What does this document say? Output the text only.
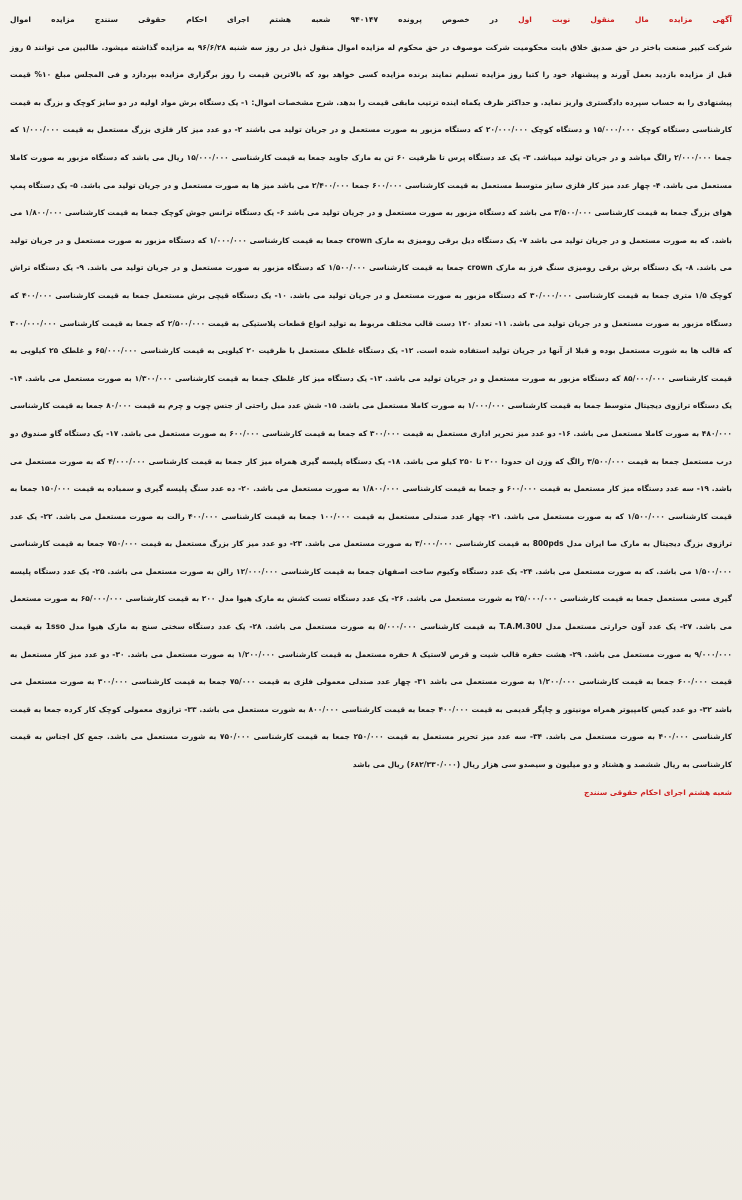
آگهی مزایده مال منقول نوبت اول در خصوص پرونده ۹۴۰۱۴۷ شعبه هشتم اجرای احکام حقوقی سنندج مزایده اموال

شرکت کبیر صنعت باختر در حق صدیق خلاق بابت محکومیت شرکت موصوف در حق محکوم له مزایده اموال منقول ذیل در روز سه شنبه ۹۶/۶/۲۸ به مزایده گذاشته میشود. طالبین می توانند ۵ روز قبل از مزایده بازدید بعمل آورند و پیشنهاد خود را کتبا روز مزایده تسلیم نمایند برنده مزایده کسی خواهد بود که بالاترین قیمت را روز برگزاری مزایده بپردازد و فی المجلس مبلغ ۱۰% قیمت پیشنهادی را به حساب سپرده دادگستری واریز نماید. و حداکثر ظرف یکماه اینده ترتیب مابقی قیمت را بدهد. شرح مشخصات اموال: ۱- یک دستگاه برش مواد اولیه در دو سایز کوچک و بزرگ به قیمت کارشناسی دستگاه کوچک ۱۵/۰۰۰/۰۰۰ و دستگاه کوچک ۲۰/۰۰۰/۰۰۰ که دستگاه مزبور به صورت مستعمل و در جریان تولید می باشند ۲- دو عدد میز کار فلزی بزرگ مستعمل به قیمت ۱/۰۰۰/۰۰۰ که جمعا ۲/۰۰۰/۰۰۰ رالگ میاشد و در جریان تولید میباشد. ۳- یک عد دستگاه پرس تا ظرفیت ۶۰ تن به مارک جاوید جمعا به قیمت کارشناسی ۱۵/۰۰۰/۰۰۰ ریال می باشد که دستگاه مزبور به صورت کاملا مستعمل می باشد. ۴- چهار عدد میز کار فلزی سایز متوسط مستعمل به قیمت کارشناسی ۶۰۰/۰۰۰ جمعا ۲/۴۰۰/۰۰۰ می باشد میز ها به صورت مستعمل و در جریان تولید می باشد. ۵- یک دستگاه پمپ هوای بزرگ جمعا به قیمت کارشناسی ۳/۵۰۰/۰۰۰ می باشد که دستگاه مزبور به صورت مستعمل و در جریان تولید می باشد ۶- یک دستگاه ترانس جوش کوچک جمعا به قیمت کارشناسی ۱/۸۰۰/۰۰۰ می باشد. که به صورت مستعمل و در جریان تولید می باشد ۷- یک دستگاه دیل برقی رومیزی به مارک crown جمعا به قیمت کارشناسی ۱/۰۰۰/۰۰۰ که دستگاه مزبور به صورت مستعمل و در جریان تولید می باشد. ۸- یک دستگاه برش برقی رومیزی سنگ فرز به مارک crown جمعا به قیمت کارشناسی ۱/۵۰۰/۰۰۰ که دستگاه مزبور به صورت مستعمل و در جریان تولید می باشد. ۹- یک دستگاه تراش کوچک ۱/۵ متری جمعا به قیمت کارشناسی ۳۰/۰۰۰/۰۰۰ که دستگاه مزبور به صورت مستعمل و در جریان تولید می باشد. ۱۰- یک دستگاه قیچی برش مستعمل جمعا به قیمت کارشناسی ۴۰۰/۰۰۰ که دستگاه مزبور به صورت مستعمل و در جریان تولید می باشد. ۱۱- تعداد ۱۲۰ دست قالب مختلف مربوط به تولید انواع قطعات پلاستیکی به قیمت ۲/۵۰۰/۰۰۰ که جمعا به قیمت کارشناسی ۳۰۰/۰۰۰/۰۰۰ که قالب ها به شورت مستعمل بوده و قبلا از آنها در جریان تولید استفاده شده است. ۱۲- یک دستگاه غلطک مستعمل با ظرفیت ۲۰ کیلویی به قیمت کارشناسی ۶۵/۰۰۰/۰۰۰ و غلطک ۲۵ کیلویی به قیمت کارشناسی ۸۵/۰۰۰/۰۰۰ که دستگاه مزبور به صورت مستعمل و در جریان تولید می باشد. ۱۳- یک دستگاه میز کار غلطک جمعا به قیمت کارشناسی ۱/۳۰۰/۰۰۰ به صورت مستعمل می باشد. ۱۴- یک دستگاه ترازوی دیجیتال متوسط جمعا به قیمت کارشناسی ۱/۰۰۰/۰۰۰ به صورت کاملا مستعمل می باشد. ۱۵- شش عدد مبل راحتی از جنس چوب و چرم به قیمت ۸۰/۰۰۰ جمعا به قیمت کارشناسی ۴۸۰/۰۰۰ به صورت کاملا مستعمل می باشد. ۱۶- دو عدد میز تحریر اداری مستعمل به قیمت ۳۰۰/۰۰۰ که جمعا به قیمت کارشناسی ۶۰۰/۰۰۰ به صورت مستعمل می باشد. ۱۷- یک دستگاه گاو صندوق دو درب مستعمل جمعا به قیمت ۳/۵۰۰/۰۰۰ رالگ که وزن ان حدودا ۲۰۰ تا ۲۵۰ کیلو می باشد. ۱۸- یک دستگاه پلیسه گیری همراه میز کار جمعا به قیمت کارشناسی ۴/۰۰۰/۰۰۰ که به صورت مستعمل می باشد. ۱۹- سه عدد دستگاه میز کار مستعمل به قیمت ۶۰۰/۰۰۰ و جمعا به قیمت کارشناسی ۱/۸۰۰/۰۰۰ به صورت مستعمل می باشد. ۲۰- ده عدد سنگ پلیسه گیری و سمباده به قیمت ۱۵۰/۰۰۰ جمعا به قیمت کارشناسی ۱/۵۰۰/۰۰۰ که به صورت مستعمل می باشد. ۲۱- چهار عدد صندلی مستعمل به قیمت ۱۰۰/۰۰۰ جمعا به قیمت کارشناسی ۴۰۰/۰۰۰ رالت به صورت مستعمل می باشد. ۲۲- یک عدد ترازوی بزرگ دیجیتال به مارک صا ایران مدل 800pds به قیمت کارشناسی ۳/۰۰۰/۰۰۰ به صورت مستعمل می باشد. ۲۳- دو عدد میز کار بزرگ مستعمل به قیمت ۷۵۰/۰۰۰ جمعا به قیمت کارشناسی ۱/۵۰۰/۰۰۰ می باشد. که به صورت مستعمل می باشد. ۲۴- یک عدد دستگاه وکیوم ساخت اصفهان جمعا به قیمت کارشناسی ۱۲/۰۰۰/۰۰۰ رالن به صورت مستعمل می باشد. ۲۵- یک عدد دستگاه پلیسه گیری مسی مستعمل جمعا به قیمت کارشناسی ۲۵/۰۰۰/۰۰۰ به شورت مستعمل می باشد. ۲۶- یک عدد دستگاه تست کشش به مارک هیوا مدل ۲۰۰ به قیمت کارشناسی ۶۵/۰۰۰/۰۰۰ به صورت مستعمل می باشد. ۲۷- یک عدد آون حرارتی مستعمل مدل T.A.M.30U به قیمت کارشناسی ۵/۰۰۰/۰۰۰ به صورت مستعمل می باشد. ۲۸- یک عدد دستگاه سختی سنج به مارک هیوا مدل 1sso به قیمت ۹/۰۰۰/۰۰۰ به صورت مستعمل می باشد. ۲۹- هشت حفره قالب شیت و قرص لاستیک ۸ حفره مستعمل به قیمت کارشناسی ۱/۲۰۰/۰۰۰ به صورت مستعمل می باشد. ۳۰- دو عدد میز کار مستعمل به قیمت ۶۰۰/۰۰۰ جمعا به قیمت کارشناسی ۱/۲۰۰/۰۰۰ به صورت مستعمل می باشد ۳۱- چهار عدد صندلی معمولی فلزی به قیمت ۷۵/۰۰۰ جمعا به قیمت کارشناسی ۳۰۰/۰۰۰ به صورت مستعمل می باشد ۳۲- دو عدد کیس کامپیوتر همراه مونیتور و چاپگر قدیمی به قیمت ۴۰۰/۰۰۰ جمعا به قیمت کارشناسی ۸۰۰/۰۰۰ به شورت مستعمل می باشد. ۳۳- ترازوی معمولی کوچک کار کرده جمعا به قیمت کارشناسی ۴۰۰/۰۰۰ به صورت مستعمل می باشد. ۳۴- سه عدد میز تحریر مستعمل به قیمت ۲۵۰/۰۰۰ جمعا به قیمت کارشناسی ۷۵۰/۰۰۰ به شورت مستعمل می باشد. جمع کل اجناس به قیمت کارشناسی به ریال ششصد و هشتاد و دو میلیون و سیصدو سی هزار ریال (۶۸۲/۳۳۰/۰۰۰) ریال می باشد

شعبه هشتم اجرای احکام حقوقی سنندج
